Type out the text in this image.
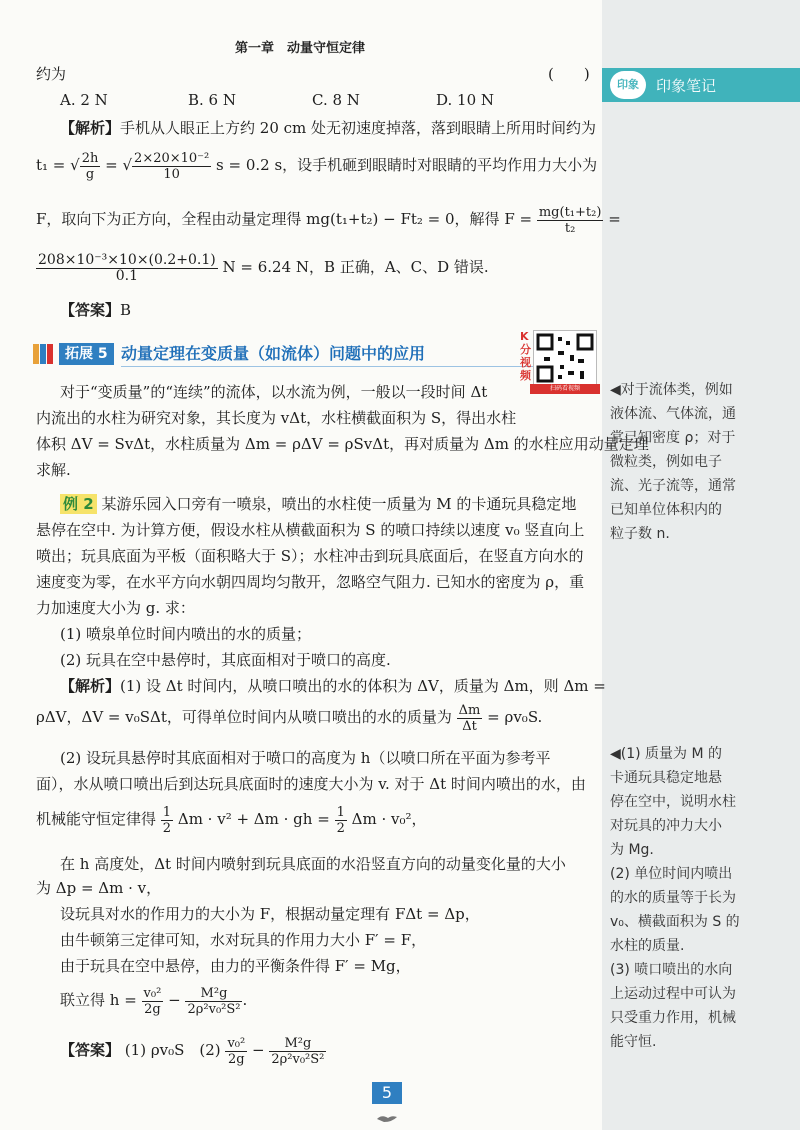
印象	印象笔记
第一章　动量守恒定律
约为	(　　)
A. 2 N	B. 6 N	C. 8 N	D. 10 N
【解析】手机从人眼正上方约 20 cm 处无初速度掉落，落到眼睛上所用时间约为
t₁ = √ $\frac{2h}{g}$ = √ $\frac{\text{2×20×10⁻²}}{10}$ s = 0.2 s，设手机砸到眼睛时对眼睛的平均作用力大小为
F，取向下为正方向，全程由动量定理得 mg(t₁+t₂) − Ft₂ = 0，解得 $F = \frac{\text{mg(t₁+t₂)}}{\text{t₂}}$ =
$\frac{\text{208×10⁻³×10×(0.2+0.1)}}{0.1}$ N = 6.24 N，B 正确，A、C、D 错误.
【答案】B
拓展 5 动量定理在变质量（如流体）问题中的应用
K分视频
扫码看视频
对于“变质量”的“连续”的流体，以水流为例，一般以一段时间 Δt
内流出的水柱为研究对象，其长度为 vΔt，水柱横截面积为 S，得出水柱
体积 ΔV = SvΔt，水柱质量为 Δm = ρΔV = ρSvΔt，再对质量为 Δm 的水柱应用动量定理
求解.
例 2 某游乐园入口旁有一喷泉，喷出的水柱使一质量为 M 的卡通玩具稳定地
悬停在空中. 为计算方便，假设水柱从横截面积为 S 的喷口持续以速度 v₀ 竖直向上
喷出；玩具底面为平板（面积略大于 S）；水柱冲击到玩具底面后，在竖直方向水的
速度变为零，在水平方向水朝四周均匀散开，忽略空气阻力. 已知水的密度为 ρ，重
力加速度大小为 g. 求：
(1) 喷泉单位时间内喷出的水的质量；
(2) 玩具在空中悬停时，其底面相对于喷口的高度.
【解析】(1) 设 Δt 时间内，从喷口喷出的水的体积为 ΔV，质量为 Δm，则 Δm =
ρΔV，ΔV = v₀SΔt，可得单位时间内从喷口喷出的水的质量为 $\frac{\Delta m}{\Delta t} = \rho v_0S$.
(2) 设玩具悬停时其底面相对于喷口的高度为 h（以喷口所在平面为参考平
面），水从喷口喷出后到达玩具底面时的速度大小为 v. 对于 Δt 时间内喷出的水，由
机械能守恒定律得 $\frac{1}{2}$ Δm · v² + Δm · gh = $\frac{1}{2}$ Δm · v₀²，
在 h 高度处，Δt 时间内喷射到玩具底面的水沿竖直方向的动量变化量的大小
为 Δp = Δm · v，
设玩具对水的作用力的大小为 F，根据动量定理有 FΔt = Δp，
由牛顿第三定律可知，水对玩具的作用力大小 F′ = F，
由于玩具在空中悬停，由力的平衡条件得 F′ = Mg，
联立得 $h = \frac{\text{v₀²}}{2g} - \frac{\text{M²g}}{\text{2ρ²v₀²S²}}$ .
【答案】 (1) ρv₀S　$(2) \frac{\text{v₀²}}{2g} - \frac{\text{M²g}}{\text{2ρ²v₀²S²}}$
◀对于流体类，例如
液体流、气体流，通
常已知密度 ρ；对于
微粒类，例如电子
流、光子流等，通常
已知单位体积内的
粒子数 n.
◀(1) 质量为 M 的
卡通玩具稳定地悬
停在空中，说明水柱
对玩具的冲力大小
为 Mg.
(2) 单位时间内喷出
的水的质量等于长为
v₀、横截面积为 S 的
水柱的质量.
(3) 喷口喷出的水向
上运动过程中可认为
只受重力作用，机械
能守恒.
5
